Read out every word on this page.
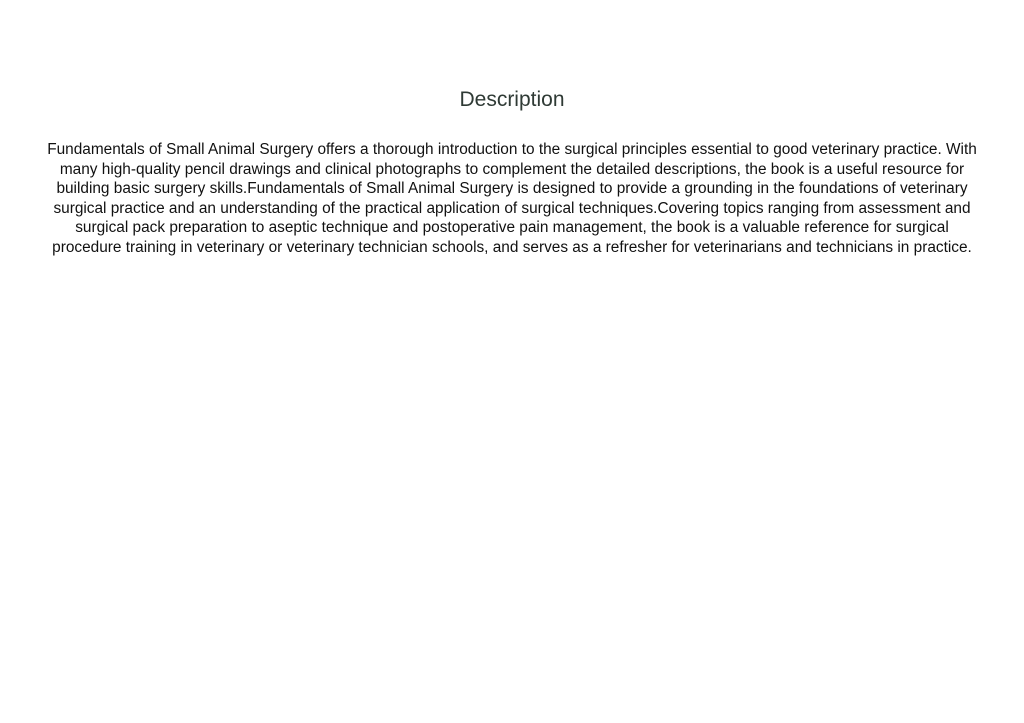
Description

Fundamentals of Small Animal Surgery offers a thorough introduction to the surgical principles essential to good veterinary practice. With many high-quality pencil drawings and clinical photographs to complement the detailed descriptions, the book is a useful resource for building basic surgery skills.Fundamentals of Small Animal Surgery is designed to provide a grounding in the foundations of veterinary surgical practice and an understanding of the practical application of surgical techniques.Covering topics ranging from assessment and surgical pack preparation to aseptic technique and postoperative pain management, the book is a valuable reference for surgical procedure training in veterinary or veterinary technician schools, and serves as a refresher for veterinarians and technicians in practice.
